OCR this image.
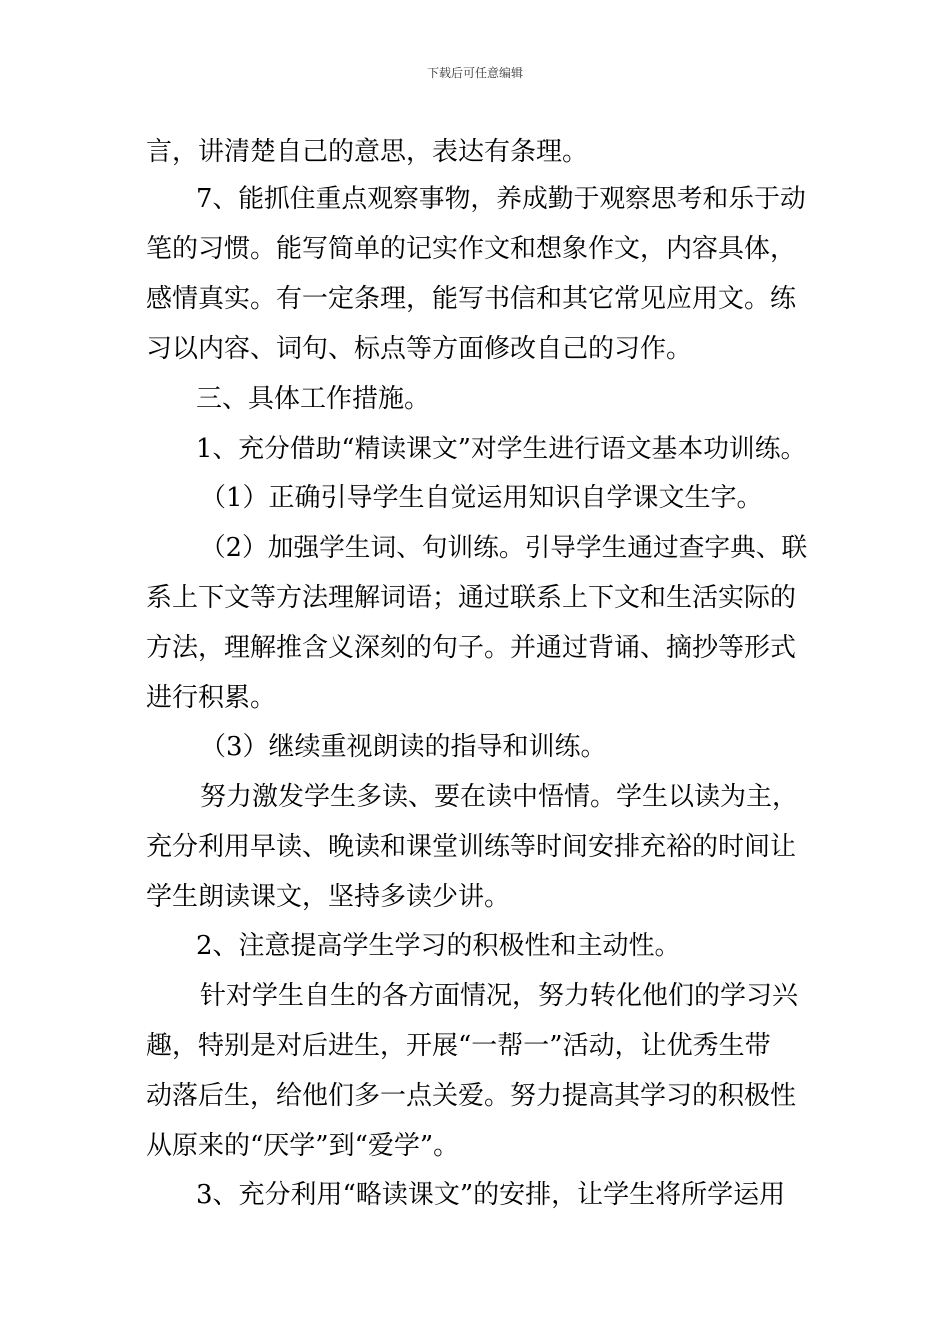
下载后可任意编辑
言，讲清楚自己的意思，表达有条理。
7、能抓住重点观察事物，养成勤于观察思考和乐于动
笔的习惯。能写简单的记实作文和想象作文，内容具体，
感情真实。有一定条理，能写书信和其它常见应用文。练
习以内容、词句、标点等方面修改自己的习作。
三、具体工作措施。
1、充分借助“精读课文”对学生进行语文基本功训练。
（1）正确引导学生自觉运用知识自学课文生字。
（2）加强学生词、句训练。引导学生通过查字典、联
系上下文等方法理解词语；通过联系上下文和生活实际的
方法，理解推含义深刻的句子。并通过背诵、摘抄等形式
进行积累。
（3）继续重视朗读的指导和训练。
努力激发学生多读、要在读中悟情。学生以读为主，
充分利用早读、晚读和课堂训练等时间安排充裕的时间让
学生朗读课文，坚持多读少讲。
2、注意提高学生学习的积极性和主动性。
针对学生自生的各方面情况，努力转化他们的学习兴
趣，特别是对后进生，开展“一帮一”活动，让优秀生带
动落后生，给他们多一点关爱。努力提高其学习的积极性
从原来的“厌学”到“爱学”。
3、充分利用“略读课文”的安排，让学生将所学运用
